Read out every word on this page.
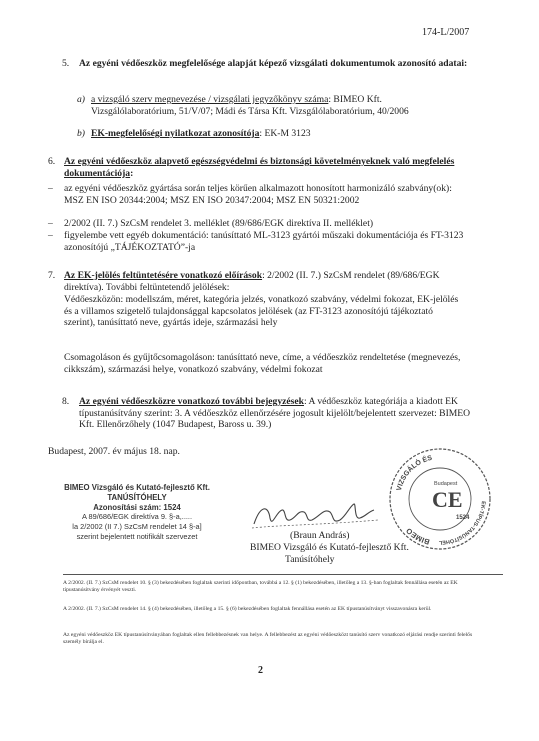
174-L/2007
5. Az egyéni védőeszköz megfelelősége alapját képező vizsgálati dokumentumok azonosító adatai:
a) a vizsgáló szerv megnevezése / vizsgálati jegyzőkönyv száma: BIMEO Kft. Vizsgálólaboratórium, 51/V/07; Mádi és Társa Kft. Vizsgálólaboratórium, 40/2006
b) EK-megfelelőségi nyilatkozat azonosítója: EK-M 3123
6. Az egyéni védőeszköz alapvető egészségvédelmi és biztonsági követelményeknek való megfelelés dokumentációja:
– az egyéni védőeszköz gyártása során teljes körűen alkalmazott honosított harmonizáló szabvány(ok): MSZ EN ISO 20344:2004; MSZ EN ISO 20347:2004; MSZ EN 50321:2002
– 2/2002 (II. 7.) SzCsM rendelet 3. melléklet (89/686/EGK direktíva II. melléklet)
– figyelembe vett egyéb dokumentáció: tanúsíttató ML-3123 gyártói műszaki dokumentációja és FT-3123 azonosítójú „TÁJÉKOZTATÓ”-ja
7. Az EK-jelölés feltüntetésére vonatkozó előírások: 2/2002 (II. 7.) SzCsM rendelet (89/686/EGK direktíva). További feltüntetendő jelölések:
Védőeszközön: modellszám, méret, kategória jelzés, vonatkozó szabvány, védelmi fokozat, EK-jelölés és a villamos szigetelő tulajdonsággal kapcsolatos jelölések (az FT-3123 azonosítójú tájékoztató szerint), tanúsíttató neve, gyártás ideje, származási hely
Csomagoláson és gyűjtőcsomagoláson: tanúsíttató neve, címe, a védőeszköz rendeltetése (megnevezés, cikkszám), származási helye, vonatkozó szabvány, védelmi fokozat
8. Az egyéni védőeszközre vonatkozó további bejegyzések: A védőeszköz kategóriája a kiadott EK típustanúsítvány szerint: 3. A védőeszköz ellenőrzésére jogosult kijelölt/bejelentett szervezet: BIMEO Kft. Ellenőrzőhely (1047 Budapest, Baross u. 39.)
Budapest, 2007. év május 18. nap.
BIMEO Vizsgáló és Kutató-fejlesztő Kft.
TANÚSÍTÓHELY
Azonosítási szám: 1524
A 89/686/EGK direktíva 9. §-a,.....
la 2/2002 (II 7.) SzCsM rendelet 14 §-a]
szerint bejelentett notifikált szervezet	(Braun András)
BIMEO Vizsgáló és Kutató-fejlesztő Kft.
Tanúsítóhely
VIZSGÁLÓ ÉS
BIMEO
EK-TÍPUS-TANÚSÍTÓHEL
Budapest
CE
1524
A 2/2002. (II. 7.) SzCsM rendelet 10. § (3) bekezdésében foglaltak szerinti időpontban, továbbá a 12. § (1) bekezdésében, illetőleg a 13. §-ban foglaltak fennállása esetén az EK típustanúsítvány érvényét veszti.
A 2/2002. (II. 7.) SzCsM rendelet 14. § (4) bekezdésében, illetőleg a 15. § (6) bekezdésében foglaltak fennállása esetén az EK típustanúsítványt visszavonásra kerül.
Az egyéni védőeszköz EK típustanúsítványában foglaltak ellen fellebbezésnek van helye. A fellebbezést az egyéni védőeszközt tanúsító szerv vonatkozó eljárási rendje szerinti felelős személy bírálja el.
2
